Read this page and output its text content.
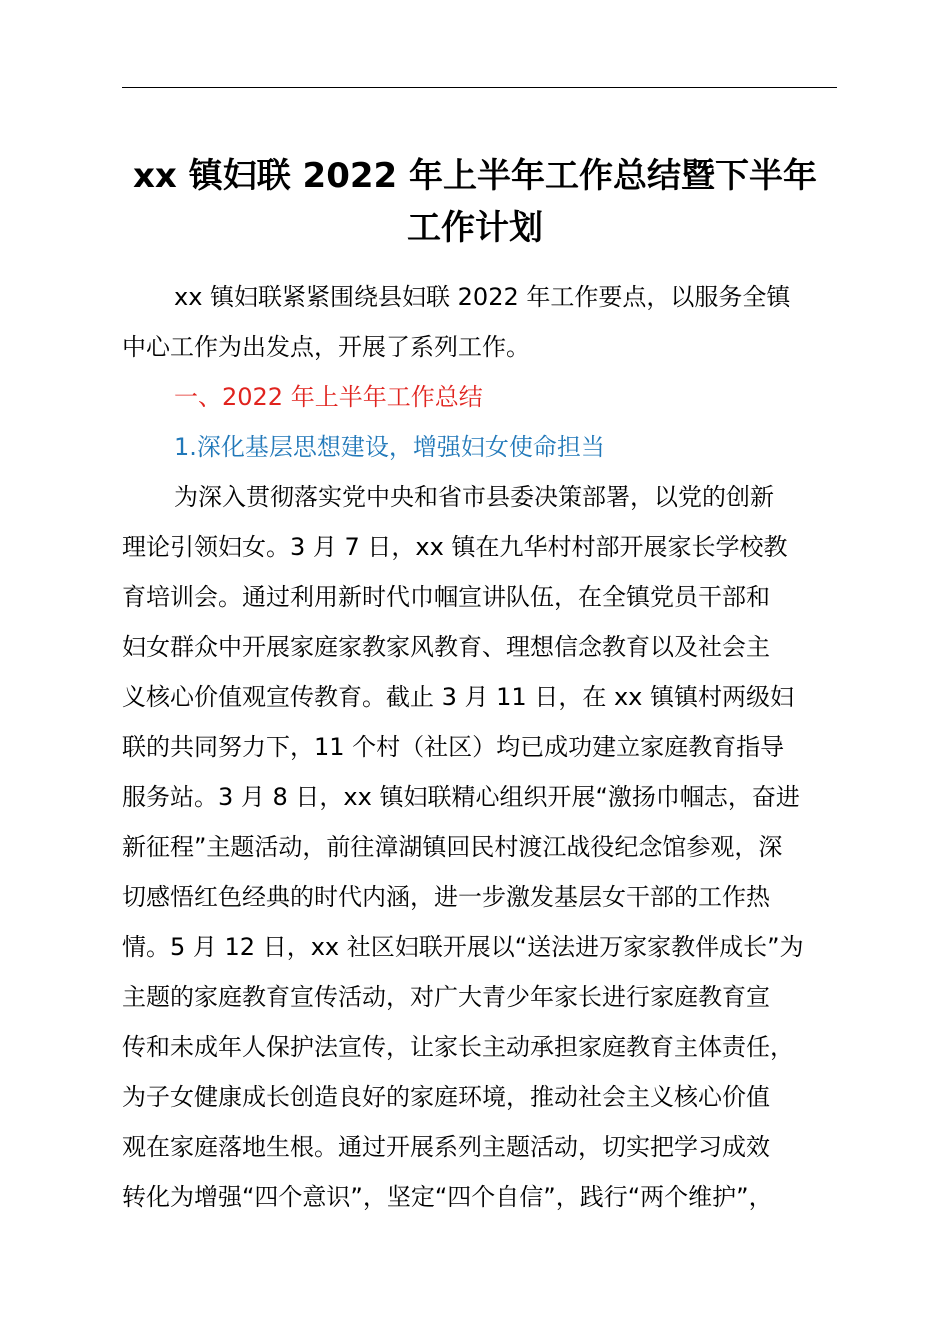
xx 镇妇联 2022 年上半年工作总结暨下半年
工作计划

xx 镇妇联紧紧围绕县妇联 2022 年工作要点，以服务全镇
中心工作为出发点，开展了系列工作。

一、2022 年上半年工作总结

1.深化基层思想建设，增强妇女使命担当

为深入贯彻落实党中央和省市县委决策部署，以党的创新
理论引领妇女。3 月 7 日，xx 镇在九华村村部开展家长学校教
育培训会。通过利用新时代巾帼宣讲队伍，在全镇党员干部和
妇女群众中开展家庭家教家风教育、理想信念教育以及社会主
义核心价值观宣传教育。截止 3 月 11 日，在 xx 镇镇村两级妇
联的共同努力下，11 个村（社区）均已成功建立家庭教育指导
服务站。3 月 8 日，xx 镇妇联精心组织开展“激扬巾帼志，奋进
新征程”主题活动，前往漳湖镇回民村渡江战役纪念馆参观，深
切感悟红色经典的时代内涵，进一步激发基层女干部的工作热
情。5 月 12 日，xx 社区妇联开展以“送法进万家家教伴成长”为
主题的家庭教育宣传活动，对广大青少年家长进行家庭教育宣
传和未成年人保护法宣传，让家长主动承担家庭教育主体责任，
为子女健康成长创造良好的家庭环境，推动社会主义核心价值
观在家庭落地生根。通过开展系列主题活动，切实把学习成效
转化为增强“四个意识”，坚定“四个自信”，践行“两个维护”，
